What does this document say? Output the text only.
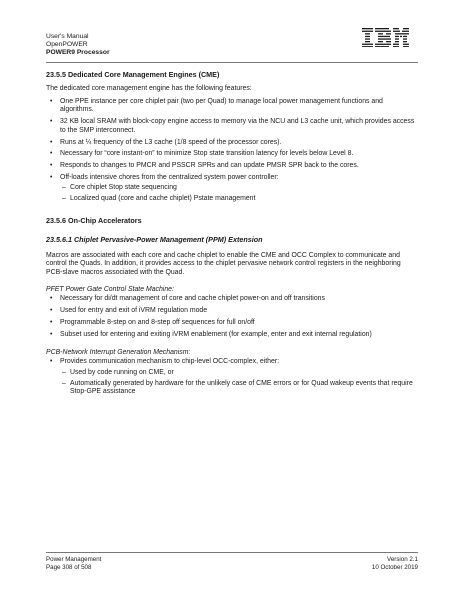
User's Manual
OpenPOWER
POWER9 Processor
23.5.5 Dedicated Core Management Engines (CME)

The dedicated core management engine has the following features:

• One PPE instance per core chiplet pair (two per Quad) to manage local power management functions and algorithms.
• 32 KB local SRAM with block-copy engine access to memory via the NCU and L3 cache unit, which provides access to the SMP interconnect.
• Runs at ¼ frequency of the L3 cache (1/8 speed of the processor cores).
• Necessary for “core instant-on” to minimize Stop state transition latency for levels below Level 8.
• Responds to changes to PMCR and PSSCR SPRs and can update PMSR SPR back to the cores.
• Off-loads intensive chores from the centralized system power controller:
– Core chiplet Stop state sequencing
– Localized quad (core and cache chiplet) Pstate management
23.5.6 On-Chip Accelerators
23.5.6.1 Chiplet Pervasive-Power Management (PPM) Extension

Macros are associated with each core and cache chiplet to enable the CME and OCC Complex to communicate and control the Quads. In addition, it provides access to the chiplet pervasive network control registers in the neighboring PCB-slave macros associated with the Quad.

PFET Power Gate Control State Machine:

• Necessary for di/dt management of core and cache chiplet power-on and off transitions
• Used for entry and exit of iVRM regulation mode
• Programmable 8-step on and 8-step off sequences for full on/off
• Subset used for entering and exiting iVRM enablement (for example, enter and exit internal regulation)

PCB-Network Interrupt Generation Mechanism:

• Provides communication mechanism to chip-level OCC-complex, either:
– Used by code running on CME, or
– Automatically generated by hardware for the unlikely case of CME errors or for Quad wakeup events that require Stop-GPE assistance
Power Management
Page 308 of 508
Version 2.1
10 October 2019
